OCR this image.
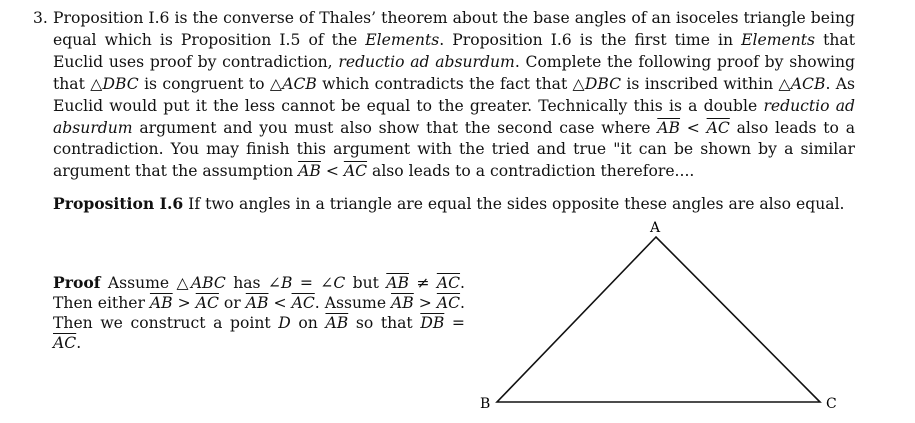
3. Proposition I.6 is the converse of Thales’ theorem about the base angles of an isoceles triangle being equal which is Proposition I.5 of the Elements. Proposition I.6 is the first time in Elements that Euclid uses proof by contradiction, reductio ad absurdum. Complete the following proof by showing that △DBC is congruent to △ACB which contradicts the fact that △DBC is inscribed within △ACB. As Euclid would put it the less cannot be equal to the greater. Technically this is a double reductio ad absurdum argument and you must also show that the second case where $\overline{AB} < \overline{AC}$ also leads to a contradiction. You may finish this argument with the tried and true "it can be shown by a similar argument that the assumption $\overline{AB} < \overline{AC}$ also leads to a contradiction therefore....
Proposition I.6 If two angles in a triangle are equal the sides opposite these angles are also equal.
Proof Assume △ABC has ∠B = ∠C but $\overline{AB} \ne \overline{AC}$. Then either $\overline{AB} > \overline{AC}$ or $\overline{AB} < \overline{AC}$. Assume $\overline{AB} > \overline{AC}$. Then we construct a point D on $\overline{AB}$ so that $\overline{DB} = \overline{AC}$.
A
B	C
